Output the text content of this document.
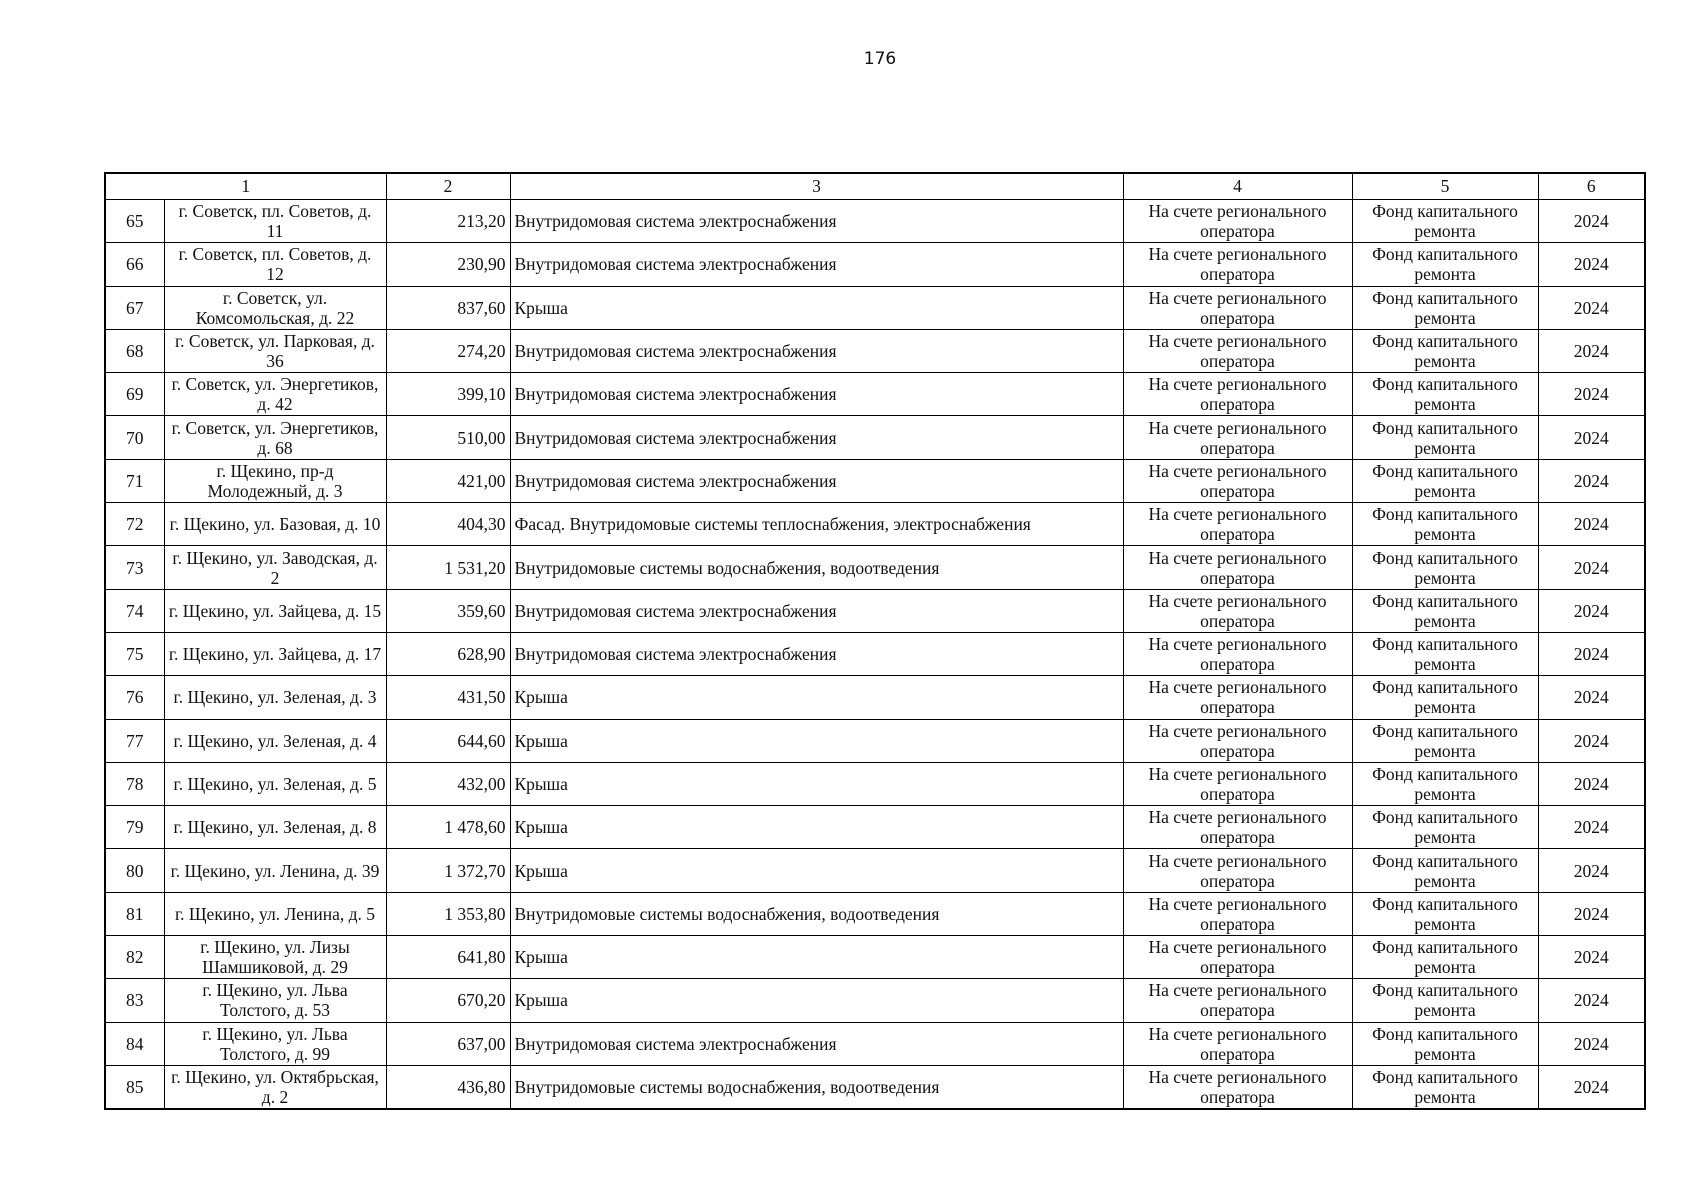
176
1		2	3	4	5	6
65	г. Советск, пл. Советов, д. 11	213,20	Внутридомовая система электроснабжения	На счете регионального оператора	Фонд капитального ремонта	2024
66	г. Советск, пл. Советов, д. 12	230,90	Внутридомовая система электроснабжения	На счете регионального оператора	Фонд капитального ремонта	2024
67	г. Советск, ул. Комсомольская, д. 22	837,60	Крыша	На счете регионального оператора	Фонд капитального ремонта	2024
68	г. Советск, ул. Парковая, д. 36	274,20	Внутридомовая система электроснабжения	На счете регионального оператора	Фонд капитального ремонта	2024
69	г. Советск, ул. Энергетиков, д. 42	399,10	Внутридомовая система электроснабжения	На счете регионального оператора	Фонд капитального ремонта	2024
70	г. Советск, ул. Энергетиков, д. 68	510,00	Внутридомовая система электроснабжения	На счете регионального оператора	Фонд капитального ремонта	2024
71	г. Щекино, пр-д Молодежный, д. 3	421,00	Внутридомовая система электроснабжения	На счете регионального оператора	Фонд капитального ремонта	2024
72	г. Щекино, ул. Базовая, д. 10	404,30	Фасад. Внутридомовые системы теплоснабжения, электроснабжения	На счете регионального оператора	Фонд капитального ремонта	2024
73	г. Щекино, ул. Заводская, д. 2	1 531,20	Внутридомовые системы водоснабжения, водоотведения	На счете регионального оператора	Фонд капитального ремонта	2024
74	г. Щекино, ул. Зайцева, д. 15	359,60	Внутридомовая система электроснабжения	На счете регионального оператора	Фонд капитального ремонта	2024
75	г. Щекино, ул. Зайцева, д. 17	628,90	Внутридомовая система электроснабжения	На счете регионального оператора	Фонд капитального ремонта	2024
76	г. Щекино, ул. Зеленая, д. 3	431,50	Крыша	На счете регионального оператора	Фонд капитального ремонта	2024
77	г. Щекино, ул. Зеленая, д. 4	644,60	Крыша	На счете регионального оператора	Фонд капитального ремонта	2024
78	г. Щекино, ул. Зеленая, д. 5	432,00	Крыша	На счете регионального оператора	Фонд капитального ремонта	2024
79	г. Щекино, ул. Зеленая, д. 8	1 478,60	Крыша	На счете регионального оператора	Фонд капитального ремонта	2024
80	г. Щекино, ул. Ленина, д. 39	1 372,70	Крыша	На счете регионального оператора	Фонд капитального ремонта	2024
81	г. Щекино, ул. Ленина, д. 5	1 353,80	Внутридомовые системы водоснабжения, водоотведения	На счете регионального оператора	Фонд капитального ремонта	2024
82	г. Щекино, ул. Лизы Шамшиковой, д. 29	641,80	Крыша	На счете регионального оператора	Фонд капитального ремонта	2024
83	г. Щекино, ул. Льва Толстого, д. 53	670,20	Крыша	На счете регионального оператора	Фонд капитального ремонта	2024
84	г. Щекино, ул. Льва Толстого, д. 99	637,00	Внутридомовая система электроснабжения	На счете регионального оператора	Фонд капитального ремонта	2024
85	г. Щекино, ул. Октябрьская, д. 2	436,80	Внутридомовые системы водоснабжения, водоотведения	На счете регионального оператора	Фонд капитального ремонта	2024
